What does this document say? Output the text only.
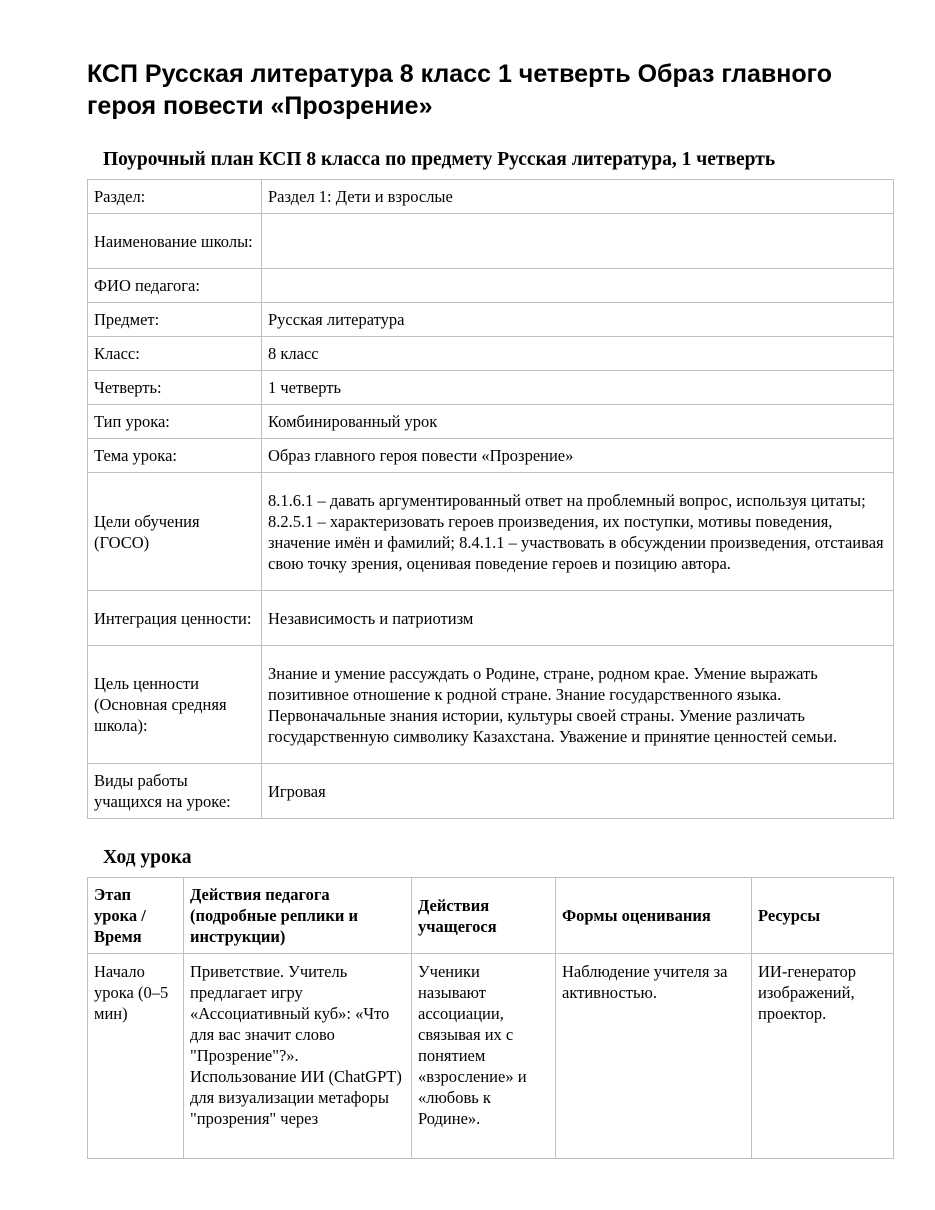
КСП Русская литература 8 класс 1 четверть Образ главного героя повести «Прозрение»
Поурочный план КСП 8 класса по предмету Русская литература, 1 четверть
Раздел:	Раздел 1: Дети и взрослые
Наименование школы:	
ФИО педагога:	
Предмет:	Русская литература
Класс:	8 класс
Четверть:	1 четверть
Тип урока:	Комбинированный урок
Тема урока:	Образ главного героя повести «Прозрение»
Цели обучения (ГОСО)	8.1.6.1 – давать аргументированный ответ на проблемный вопрос, используя цитаты; 8.2.5.1 – характеризовать героев произведения, их поступки, мотивы поведения, значение имён и фамилий; 8.4.1.1 – участвовать в обсуждении произведения, отстаивая свою точку зрения, оценивая поведение героев и позицию автора.
Интеграция ценности:	Независимость и патриотизм
Цель ценности (Основная средняя школа):	Знание и умение рассуждать о Родине, стране, родном крае. Умение выражать позитивное отношение к родной стране. Знание государственного языка. Первоначальные знания истории, культуры своей страны. Умение различать государственную символику Казахстана. Уважение и принятие ценностей семьи.
Виды работы учащихся на уроке:	Игровая
Ход урока
Этап урока / Время	Действия педагога (подробные реплики и инструкции)	Действия учащегося	Формы оценивания	Ресурсы
Начало урока (0–5 мин)	Приветствие. Учитель предлагает игру «Ассоциативный куб»: «Что для вас значит слово "Прозрение"?». Использование ИИ (ChatGPT) для визуализации метафоры "прозрения" через	Ученики называют ассоциации, связывая их с понятием «взросление» и «любовь к Родине».	Наблюдение учителя за активностью.	ИИ-генератор изображений, проектор.
